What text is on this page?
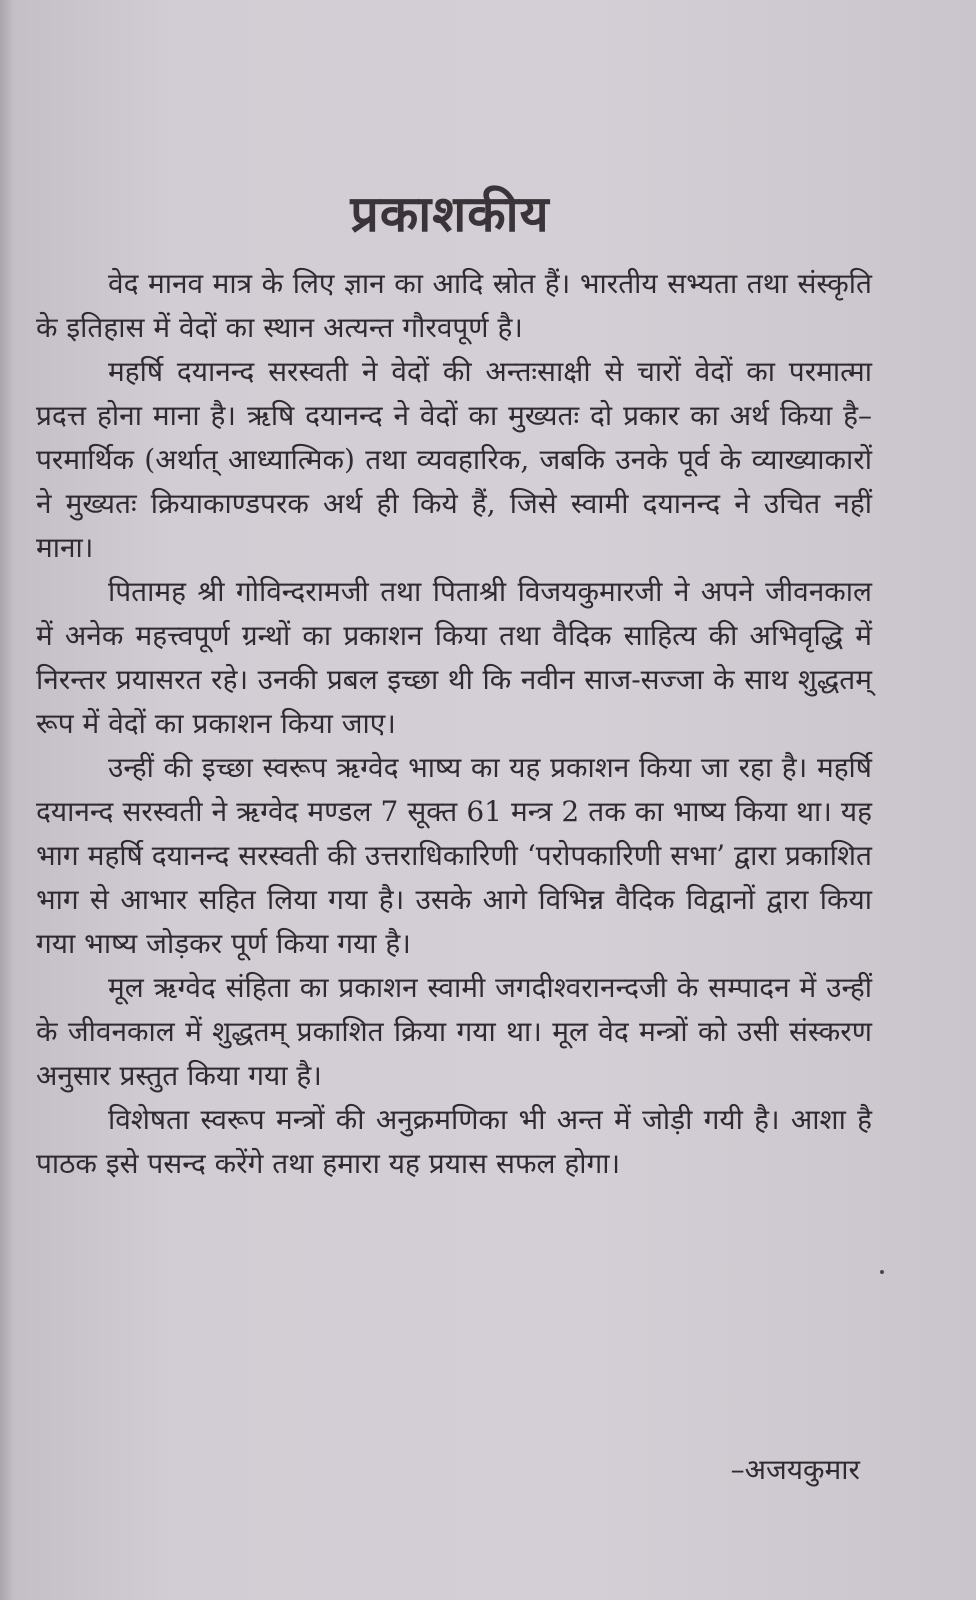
प्रकाशकीय

वेद मानव मात्र के लिए ज्ञान का आदि स्रोत हैं। भारतीय सभ्यता तथा संस्कृति के इतिहास में वेदों का स्थान अत्यन्त गौरवपूर्ण है।

महर्षि दयानन्द सरस्वती ने वेदों की अन्तःसाक्षी से चारों वेदों का परमात्मा प्रदत्त होना माना है। ऋषि दयानन्द ने वेदों का मुख्यतः दो प्रकार का अर्थ किया है–परमार्थिक (अर्थात् आध्यात्मिक) तथा व्यवहारिक, जबकि उनके पूर्व के व्याख्याकारों ने मुख्यतः क्रियाकाण्डपरक अर्थ ही किये हैं, जिसे स्वामी दयानन्द ने उचित नहीं माना।

पितामह श्री गोविन्दरामजी तथा पिताश्री विजयकुमारजी ने अपने जीवनकाल में अनेक महत्त्वपूर्ण ग्रन्थों का प्रकाशन किया तथा वैदिक साहित्य की अभिवृद्धि में निरन्तर प्रयासरत रहे। उनकी प्रबल इच्छा थी कि नवीन साज-सज्जा के साथ शुद्धतम् रूप में वेदों का प्रकाशन किया जाए।

उन्हीं की इच्छा स्वरूप ऋग्वेद भाष्य का यह प्रकाशन किया जा रहा है। महर्षि दयानन्द सरस्वती ने ऋग्वेद मण्डल 7 सूक्त 61 मन्त्र 2 तक का भाष्य किया था। यह भाग महर्षि दयानन्द सरस्वती की उत्तराधिकारिणी ‘परोपकारिणी सभा’ द्वारा प्रकाशित भाग से आभार सहित लिया गया है। उसके आगे विभिन्न वैदिक विद्वानों द्वारा किया गया भाष्य जोड़कर पूर्ण किया गया है।

मूल ऋग्वेद संहिता का प्रकाशन स्वामी जगदीश्वरानन्दजी के सम्पादन में उन्हीं के जीवनकाल में शुद्धतम् प्रकाशित क्रिया गया था। मूल वेद मन्त्रों को उसी संस्करण अनुसार प्रस्तुत किया गया है।

विशेषता स्वरूप मन्त्रों की अनुक्रमणिका भी अन्त में जोड़ी गयी है। आशा है पाठक इसे पसन्द करेंगे तथा हमारा यह प्रयास सफल होगा।

–अजयकुमार
